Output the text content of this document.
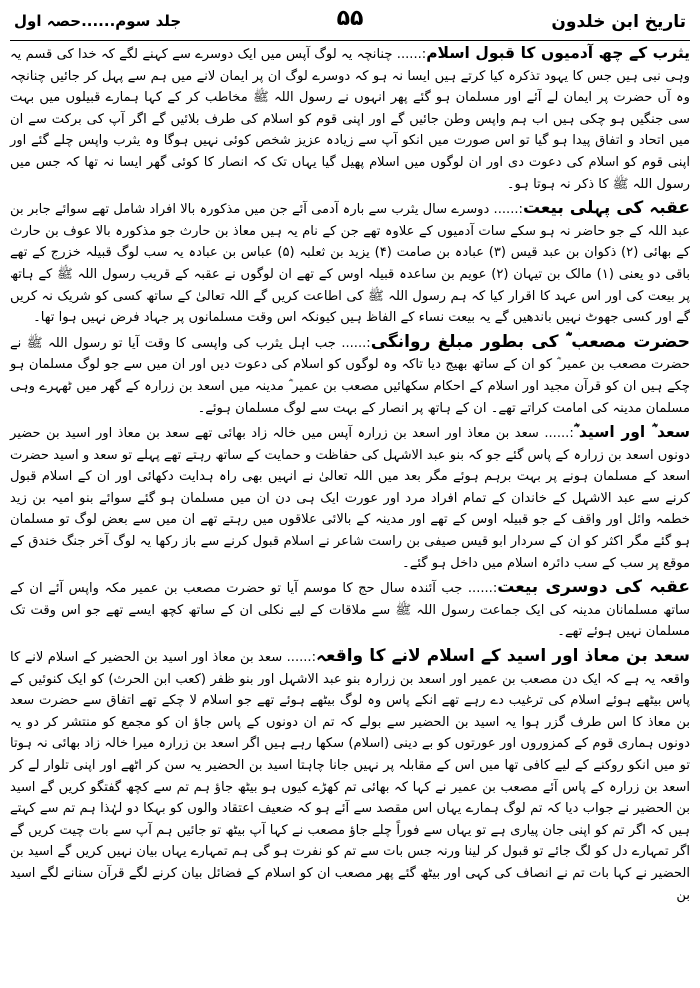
تاریخ ابن خلدون
۵۵
جلد سوم......حصہ اول

یثرب کے چھ آدمیوں کا قبول اسلام:...... چنانچہ یہ لوگ آپس میں ایک دوسرے سے کہنے لگے کہ خدا کی قسم یہ وہی نبی ہیں جس کا یہود تذکرہ کیا کرتے ہیں ایسا نہ ہو کہ دوسرے لوگ ان پر ایمان لانے میں ہم سے پہل کر جائیں چنانچہ وہ آں حضرت پر ایمان لے آئے اور مسلمان ہو گئے پھر انہوں نے رسول اللہ ﷺ مخاطب کر کے کہا ہمارے قبیلوں میں بہت سی جنگیں ہو چکی ہیں اب ہم واپس وطن جائیں گے اور اپنی قوم کو اسلام کی طرف بلائیں گے اگر آپ کی برکت سے ان میں اتحاد و اتفاق پیدا ہو گیا تو اس صورت میں انکو آپ سے زیادہ عزیز شخص کوئی نہیں ہوگا وہ یثرب واپس چلے گئے اور اپنی قوم کو اسلام کی دعوت دی اور ان لوگوں میں اسلام پھیل گیا یہاں تک کہ انصار کا کوئی گھر ایسا نہ تھا کہ جس میں رسول اللہ ﷺ کا ذکر نہ ہوتا ہو۔

عقبہ کی پہلی بیعت:...... دوسرے سال یثرب سے بارہ آدمی آئے جن میں مذکورہ بالا افراد شامل تھے سوائے جابر بن عبد اللہ کے جو حاضر نہ ہو سکے سات آدمیوں کے علاوہ تھے جن کے نام یہ ہیں معاذ بن حارث جو مذکورہ بالا عوف بن حارث کے بھائی (۲) ذکوان بن عبد قیس (۳) عبادہ بن صامت (۴) یزید بن ثعلبہ (۵) عباس بن عبادہ یہ سب لوگ قبیلہ خزرج کے تھے باقی دو یعنی (۱) مالک بن تیہان (۲) عویم بن ساعدہ قبیلہ اوس کے تھے ان لوگوں نے عقبہ کے قریب رسول اللہ ﷺ کے ہاتھ پر بیعت کی اور اس عہد کا اقرار کیا کہ ہم رسول اللہ ﷺ کی اطاعت کریں گے اللہ تعالیٰ کے ساتھ کسی کو شریک نہ کریں گے اور کسی جھوٹ نہیں باندھیں گے یہ بیعت نساء کے الفاظ ہیں کیونکہ اس وقت مسلمانوں پر جہاد فرض نہیں ہوا تھا۔

حضرت مصعب ؓ کی بطور مبلغ روانگی:...... جب اہل یثرب کی واپسی کا وقت آیا تو رسول اللہ ﷺ نے حضرت مصعب بن عمیر ؓ کو ان کے ساتھ بھیج دیا تاکہ وہ لوگوں کو اسلام کی دعوت دیں اور ان میں سے جو لوگ مسلمان ہو چکے ہیں ان کو قرآن مجید اور اسلام کے احکام سکھائیں مصعب بن عمیر ؓ مدینہ میں اسعد بن زرارہ کے گھر میں ٹھہرے وہی مسلمان مدینہ کی امامت کراتے تھے۔ ان کے ہاتھ پر انصار کے بہت سے لوگ مسلمان ہوئے۔

سعد ؓ اور اسید ؓ:...... سعد بن معاذ اور اسعد بن زرارہ آپس میں خالہ زاد بھائی تھے سعد بن معاذ اور اسید بن حضیر دونوں اسعد بن زرارہ کے پاس گئے جو کہ بنو عبد الاشہل کی حفاظت و حمایت کے ساتھ رہتے تھے پہلے تو سعد و اسید حضرت اسعد کے مسلمان ہونے پر بہت برہم ہوئے مگر بعد میں اللہ تعالیٰ نے انہیں بھی راہ ہدایت دکھائی اور ان کے اسلام قبول کرنے سے عبد الاشہل کے خاندان کے تمام افراد مرد اور عورت ایک ہی دن ان میں مسلمان ہو گئے سوائے بنو امیہ بن زید خطمہ وائل اور واقف کے جو قبیلہ اوس کے تھے اور مدینہ کے بالائی علاقوں میں رہتے تھے ان میں سے بعض لوگ تو مسلمان ہو گئے مگر اکثر کو ان کے سردار ابو قیس صیفی بن راست شاعر نے اسلام قبول کرنے سے باز رکھا یہ لوگ آخر جنگ خندق کے موقع پر سب کے سب دائرہ اسلام میں داخل ہو گئے۔

عقبہ کی دوسری بیعت:...... جب آئندہ سال حج کا موسم آیا تو حضرت مصعب بن عمیر مکہ واپس آئے ان کے ساتھ مسلمانان مدینہ کی ایک جماعت رسول اللہ ﷺ سے ملاقات کے لیے نکلی ان کے ساتھ کچھ ایسے تھے جو اس وقت تک مسلمان نہیں ہوئے تھے۔

سعد بن معاذ اور اسید کے اسلام لانے کا واقعہ:...... سعد بن معاذ اور اسید بن الحضیر کے اسلام لانے کا واقعہ یہ ہے کہ ایک دن مصعب بن عمیر اور اسعد بن زرارہ بنو عبد الاشہل اور بنو ظفر (کعب ابن الحرث) کو ایک کنوئیں کے پاس بیٹھے ہوئے اسلام کی ترغیب دے رہے تھے انکے پاس وہ لوگ بیٹھے ہوئے تھے جو اسلام لا چکے تھے اتفاق سے حضرت سعد بن معاذ کا اس طرف گزر ہوا یہ اسید بن الحضیر سے بولے کہ تم ان دونوں کے پاس جاؤ ان کو مجمع کو منتشر کر دو یہ دونوں ہماری قوم کے کمزوروں اور عورتوں کو بے دینی (اسلام) سکھا رہے ہیں اگر اسعد بن زرارہ میرا خالہ زاد بھائی نہ ہوتا تو میں انکو روکنے کے لیے کافی تھا میں اس کے مقابلہ پر نہیں جانا چاہتا اسید بن الحضیر یہ سن کر اٹھے اور اپنی تلوار لے کر اسعد بن زرارہ کے پاس آئے مصعب بن عمیر نے کہا کہ بھائی تم کھڑے کیوں ہو بیٹھ جاؤ ہم تم سے کچھ گفتگو کریں گے اسید بن الحضیر نے جواب دیا کہ تم لوگ ہمارے یہاں اس مقصد سے آئے ہو کہ ضعیف اعتقاد والوں کو بہکا دو لہٰذا ہم تم سے کہتے ہیں کہ اگر تم کو اپنی جان پیاری ہے تو یہاں سے فوراً چلے جاؤ مصعب نے کہا آپ بیٹھ تو جائیں ہم آپ سے بات چیت کریں گے اگر تمہارے دل کو لگ جائے تو قبول کر لینا ورنہ جس بات سے تم کو نفرت ہو گی ہم تمہارے یہاں بیان نہیں کریں گے اسید بن الحضیر نے کہا بات تم نے انصاف کی کہی اور بیٹھ گئے پھر مصعب ان کو اسلام کے فضائل بیان کرنے لگے قرآن سنانے لگے اسید بن
